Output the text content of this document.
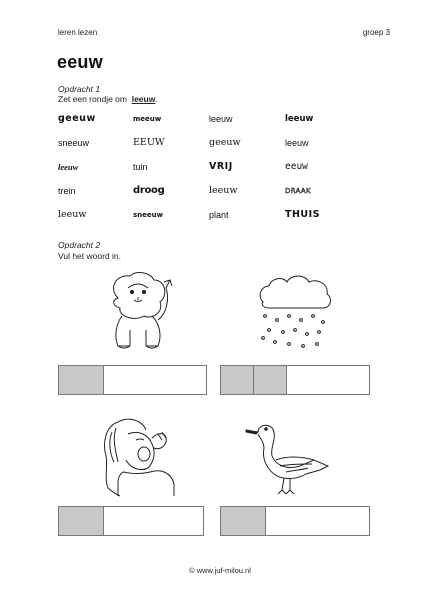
leren lezen	groep 3
eeuw
Opdracht 1
Zet een rondje om leeuw.
geeuw	meeuw	leeuw	leeuw
sneeuw	EEUW	geeuw	leeuw
leeuw	tuin	VRIJ	eeuw
trein	droog	leeuw	DRAAK
leeuw	sneeuw	plant	THUIS
Opdracht 2
Vul het woord in.
© www.juf-milou.nl
